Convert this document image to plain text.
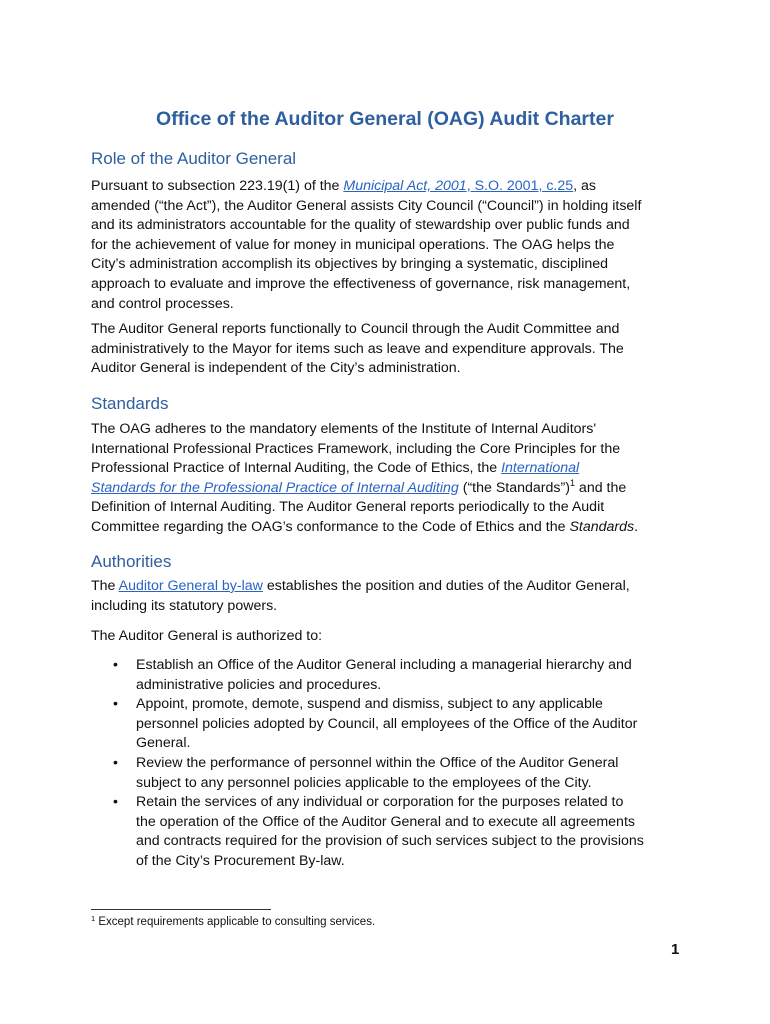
Office of the Auditor General (OAG) Audit Charter
Role of the Auditor General
Pursuant to subsection 223.19(1) of the Municipal Act, 2001, S.O. 2001, c.25, as
amended (“the Act”), the Auditor General assists City Council (“Council”) in holding itself
and its administrators accountable for the quality of stewardship over public funds and
for the achievement of value for money in municipal operations. The OAG helps the
City’s administration accomplish its objectives by bringing a systematic, disciplined
approach to evaluate and improve the effectiveness of governance, risk management,
and control processes.
The Auditor General reports functionally to Council through the Audit Committee and
administratively to the Mayor for items such as leave and expenditure approvals. The
Auditor General is independent of the City’s administration.
Standards
The OAG adheres to the mandatory elements of the Institute of Internal Auditors'
International Professional Practices Framework, including the Core Principles for the
Professional Practice of Internal Auditing, the Code of Ethics, the International
Standards for the Professional Practice of Internal Auditing (“the Standards”)$^1$ and the
Definition of Internal Auditing. The Auditor General reports periodically to the Audit
Committee regarding the OAG’s conformance to the Code of Ethics and the Standards.
Authorities
The Auditor General by-law establishes the position and duties of the Auditor General,
including its statutory powers.
The Auditor General is authorized to:
• Establish an Office of the Auditor General including a managerial hierarchy and
administrative policies and procedures.
• Appoint, promote, demote, suspend and dismiss, subject to any applicable
personnel policies adopted by Council, all employees of the Office of the Auditor
General.
• Review the performance of personnel within the Office of the Auditor General
subject to any personnel policies applicable to the employees of the City.
• Retain the services of any individual or corporation for the purposes related to
the operation of the Office of the Auditor General and to execute all agreements
and contracts required for the provision of such services subject to the provisions
of the City’s Procurement By-law.
$^1$ Except requirements applicable to consulting services.
1
